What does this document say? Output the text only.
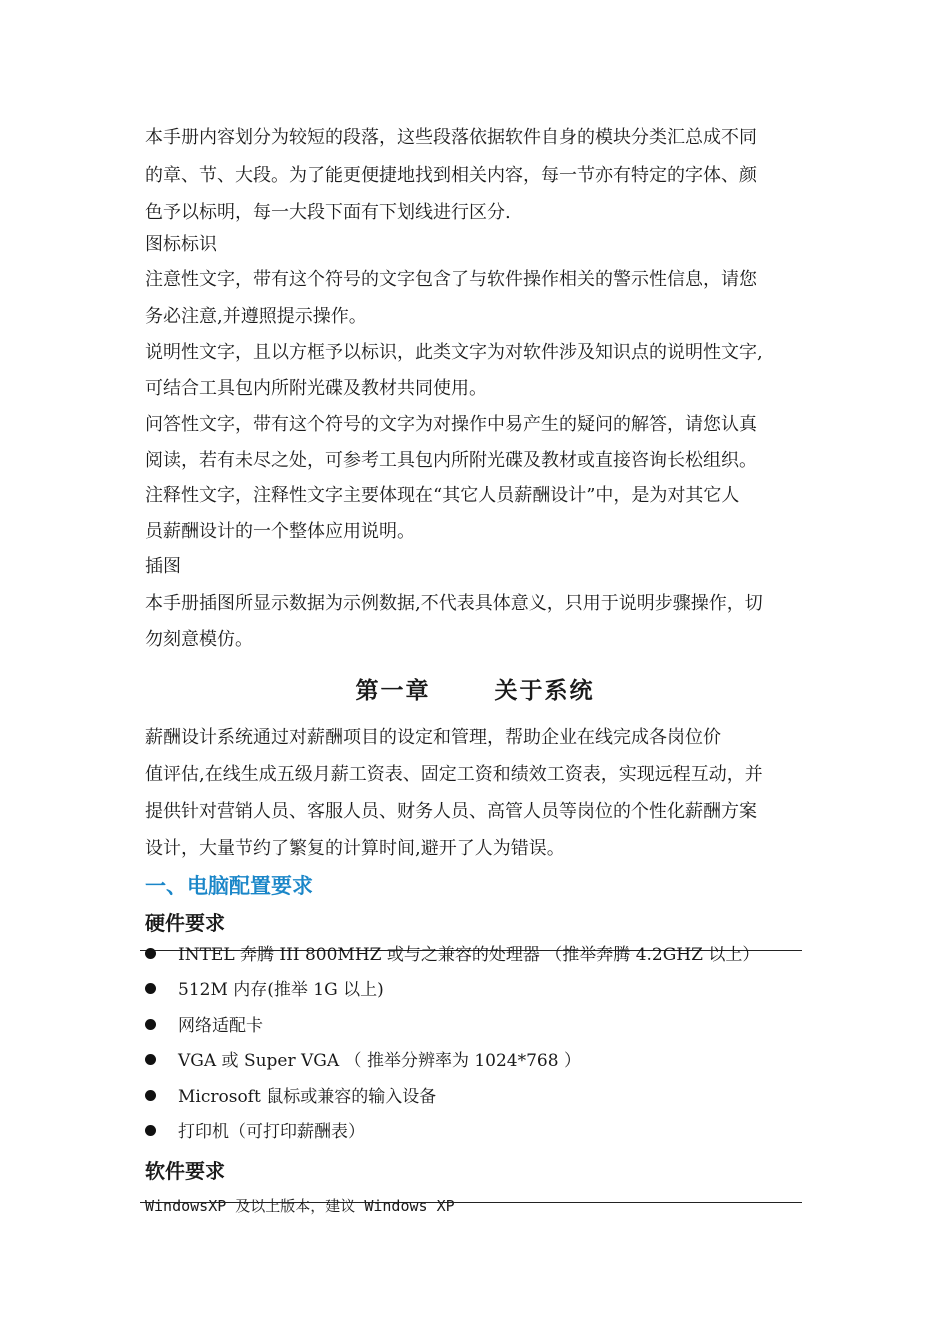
本手册内容划分为较短的段落，这些段落依据软件自身的模块分类汇总成不同
的章、节、大段。为了能更便捷地找到相关内容，每一节亦有特定的字体、颜
色予以标明，每一大段下面有下划线进行区分.
图标标识
注意性文字，带有这个符号的文字包含了与软件操作相关的警示性信息，请您
务必注意,并遵照提示操作。
说明性文字，且以方框予以标识，此类文字为对软件涉及知识点的说明性文字,
可结合工具包内所附光碟及教材共同使用。
问答性文字，带有这个符号的文字为对操作中易产生的疑问的解答，请您认真
阅读，若有未尽之处，可参考工具包内所附光碟及教材或直接咨询长松组织。
注释性文字，注释性文字主要体现在“其它人员薪酬设计”中，是为对其它人
员薪酬设计的一个整体应用说明。
插图
本手册插图所显示数据为示例数据,不代表具体意义，只用于说明步骤操作，切
勿刻意模仿。
第一章	关于系统
薪酬设计系统通过对薪酬项目的设定和管理，帮助企业在线完成各岗位价
值评估,在线生成五级月薪工资表、固定工资和绩效工资表，实现远程互动，并
提供针对营销人员、客服人员、财务人员、高管人员等岗位的个性化薪酬方案
设计，大量节约了繁复的计算时间,避开了人为错误。
一、电脑配置要求
硬件要求
INTEL 奔腾 III 800MHZ 或与之兼容的处理器 （推举奔腾 4.2GHZ 以上）
512M 内存(推举 1G 以上)
网络适配卡
VGA 或 Super VGA （ 推举分辨率为 1024*768 ）
Microsoft 鼠标或兼容的输入设备
打印机（可打印薪酬表）
软件要求
WindowsXP 及以上版本，建议 Windows XP
